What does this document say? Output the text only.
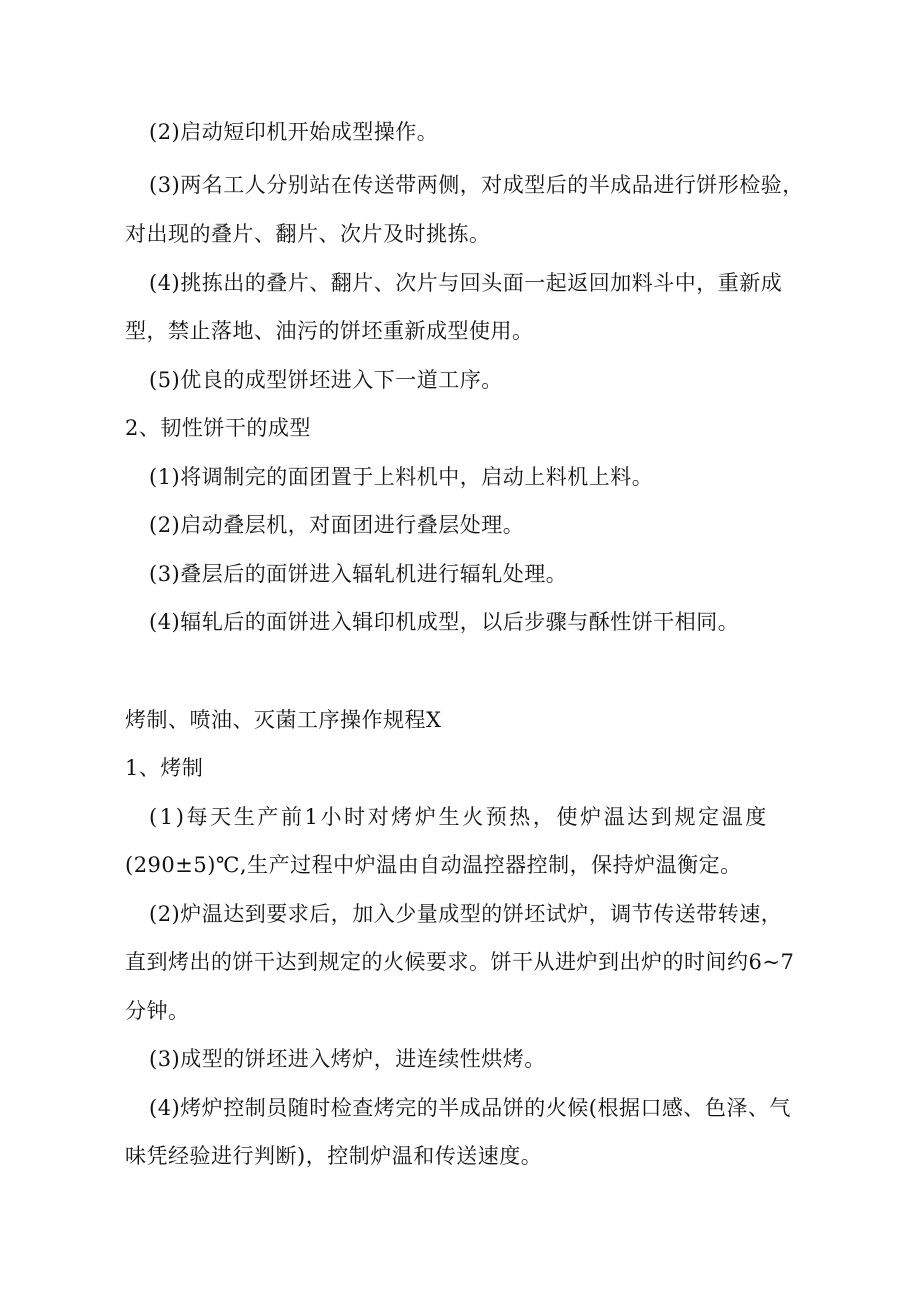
(2)启动短印机开始成型操作。
(3)两名工人分别站在传送带两侧，对成型后的半成品进行饼形检验，
对出现的叠片、翻片、次片及时挑拣。
(4)挑拣出的叠片、翻片、次片与回头面一起返回加料斗中，重新成
型，禁止落地、油污的饼坯重新成型使用。
(5)优良的成型饼坯进入下一道工序。
2、韧性饼干的成型
(1)将调制完的面团置于上料机中，启动上料机上料。
(2)启动叠层机，对面团进行叠层处理。
(3)叠层后的面饼进入辐轧机进行辐轧处理。
(4)辐轧后的面饼进入辑印机成型，以后步骤与酥性饼干相同。
烤制、喷油、灭菌工序操作规程X
1、烤制
(1)每天生产前1小时对烤炉生火预热，使炉温达到规定温度
(290±5)℃,生产过程中炉温由自动温控器控制，保持炉温衡定。
(2)炉温达到要求后，加入少量成型的饼坯试炉，调节传送带转速，
直到烤出的饼干达到规定的火候要求。饼干从进炉到出炉的时间约6~7
分钟。
(3)成型的饼坯进入烤炉，进连续性烘烤。
(4)烤炉控制员随时检查烤完的半成品饼的火候(根据口感、色泽、气
味凭经验进行判断)，控制炉温和传送速度。
